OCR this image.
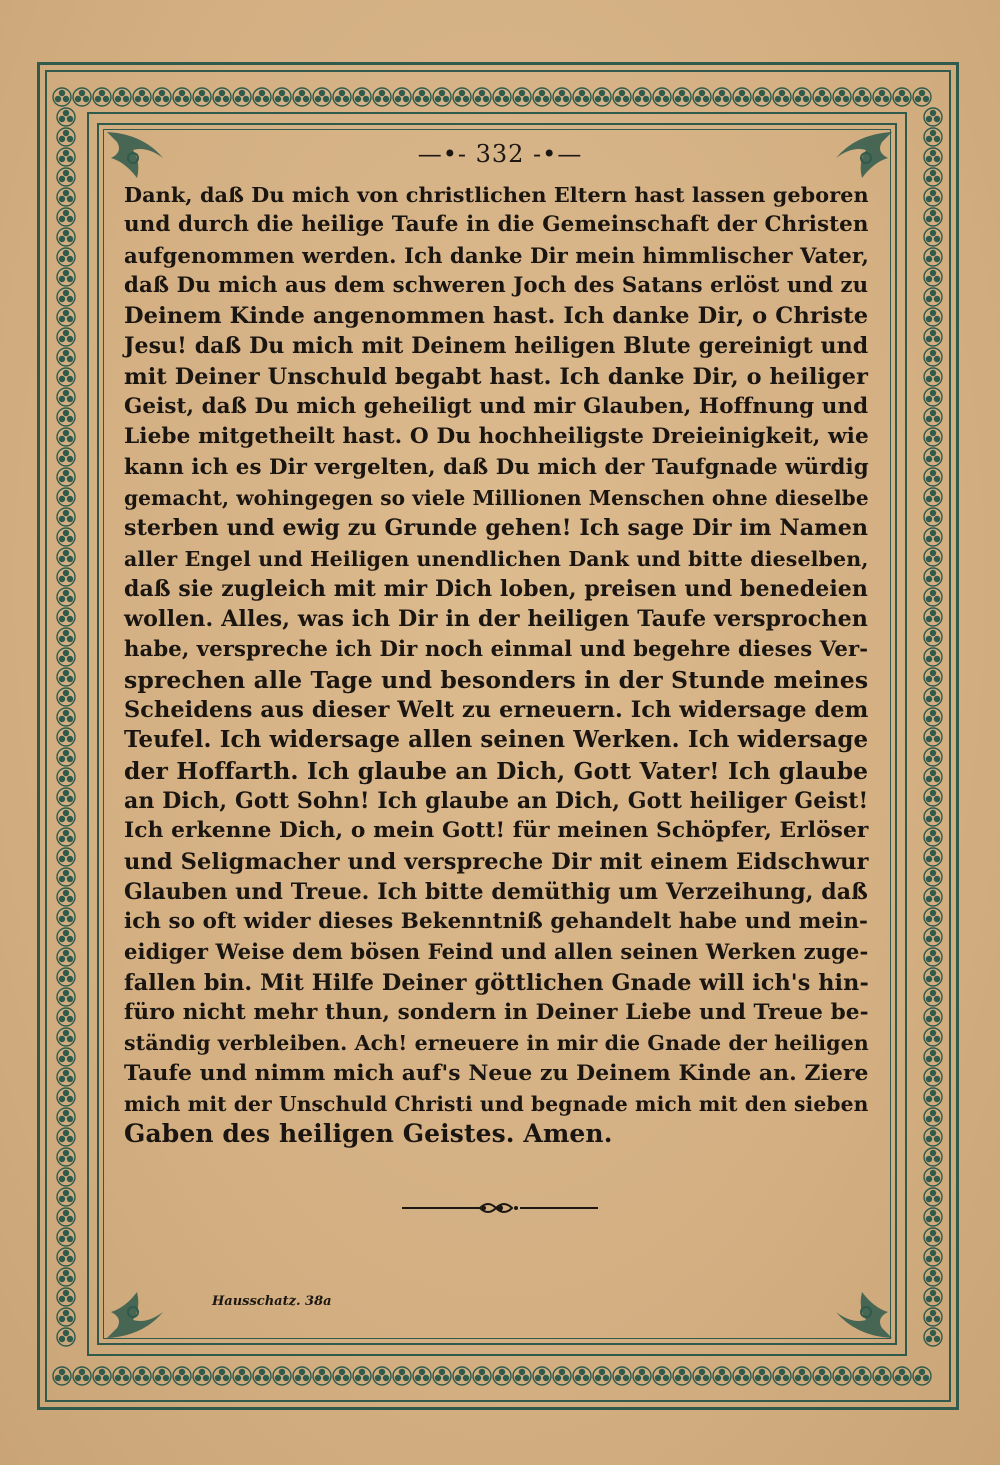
—•- 332 -•—
Dank, daß Du mich von christlichen Eltern hast lassen geboren
und durch die heilige Taufe in die Gemeinschaft der Christen
aufgenommen werden. Ich danke Dir mein himmlischer Vater,
daß Du mich aus dem schweren Joch des Satans erlöst und zu
Deinem Kinde angenommen hast. Ich danke Dir, o Christe
Jesu! daß Du mich mit Deinem heiligen Blute gereinigt und
mit Deiner Unschuld begabt hast. Ich danke Dir, o heiliger
Geist, daß Du mich geheiligt und mir Glauben, Hoffnung und
Liebe mitgetheilt hast. O Du hochheiligste Dreieinigkeit, wie
kann ich es Dir vergelten, daß Du mich der Taufgnade würdig
gemacht, wohingegen so viele Millionen Menschen ohne dieselbe
sterben und ewig zu Grunde gehen! Ich sage Dir im Namen
aller Engel und Heiligen unendlichen Dank und bitte dieselben,
daß sie zugleich mit mir Dich loben, preisen und benedeien
wollen. Alles, was ich Dir in der heiligen Taufe versprochen
habe, verspreche ich Dir noch einmal und begehre dieses Ver-
sprechen alle Tage und besonders in der Stunde meines
Scheidens aus dieser Welt zu erneuern. Ich widersage dem
Teufel. Ich widersage allen seinen Werken. Ich widersage
der Hoffarth. Ich glaube an Dich, Gott Vater! Ich glaube
an Dich, Gott Sohn! Ich glaube an Dich, Gott heiliger Geist!
Ich erkenne Dich, o mein Gott! für meinen Schöpfer, Erlöser
und Seligmacher und verspreche Dir mit einem Eidschwur
Glauben und Treue. Ich bitte demüthig um Verzeihung, daß
ich so oft wider dieses Bekenntniß gehandelt habe und mein-
eidiger Weise dem bösen Feind und allen seinen Werken zuge-
fallen bin. Mit Hilfe Deiner göttlichen Gnade will ich's hin-
füro nicht mehr thun, sondern in Deiner Liebe und Treue be-
ständig verbleiben. Ach! erneuere in mir die Gnade der heiligen
Taufe und nimm mich auf's Neue zu Deinem Kinde an. Ziere
mich mit der Unschuld Christi und begnade mich mit den sieben
Gaben des heiligen Geistes. Amen.
Hausschatz. 38a
